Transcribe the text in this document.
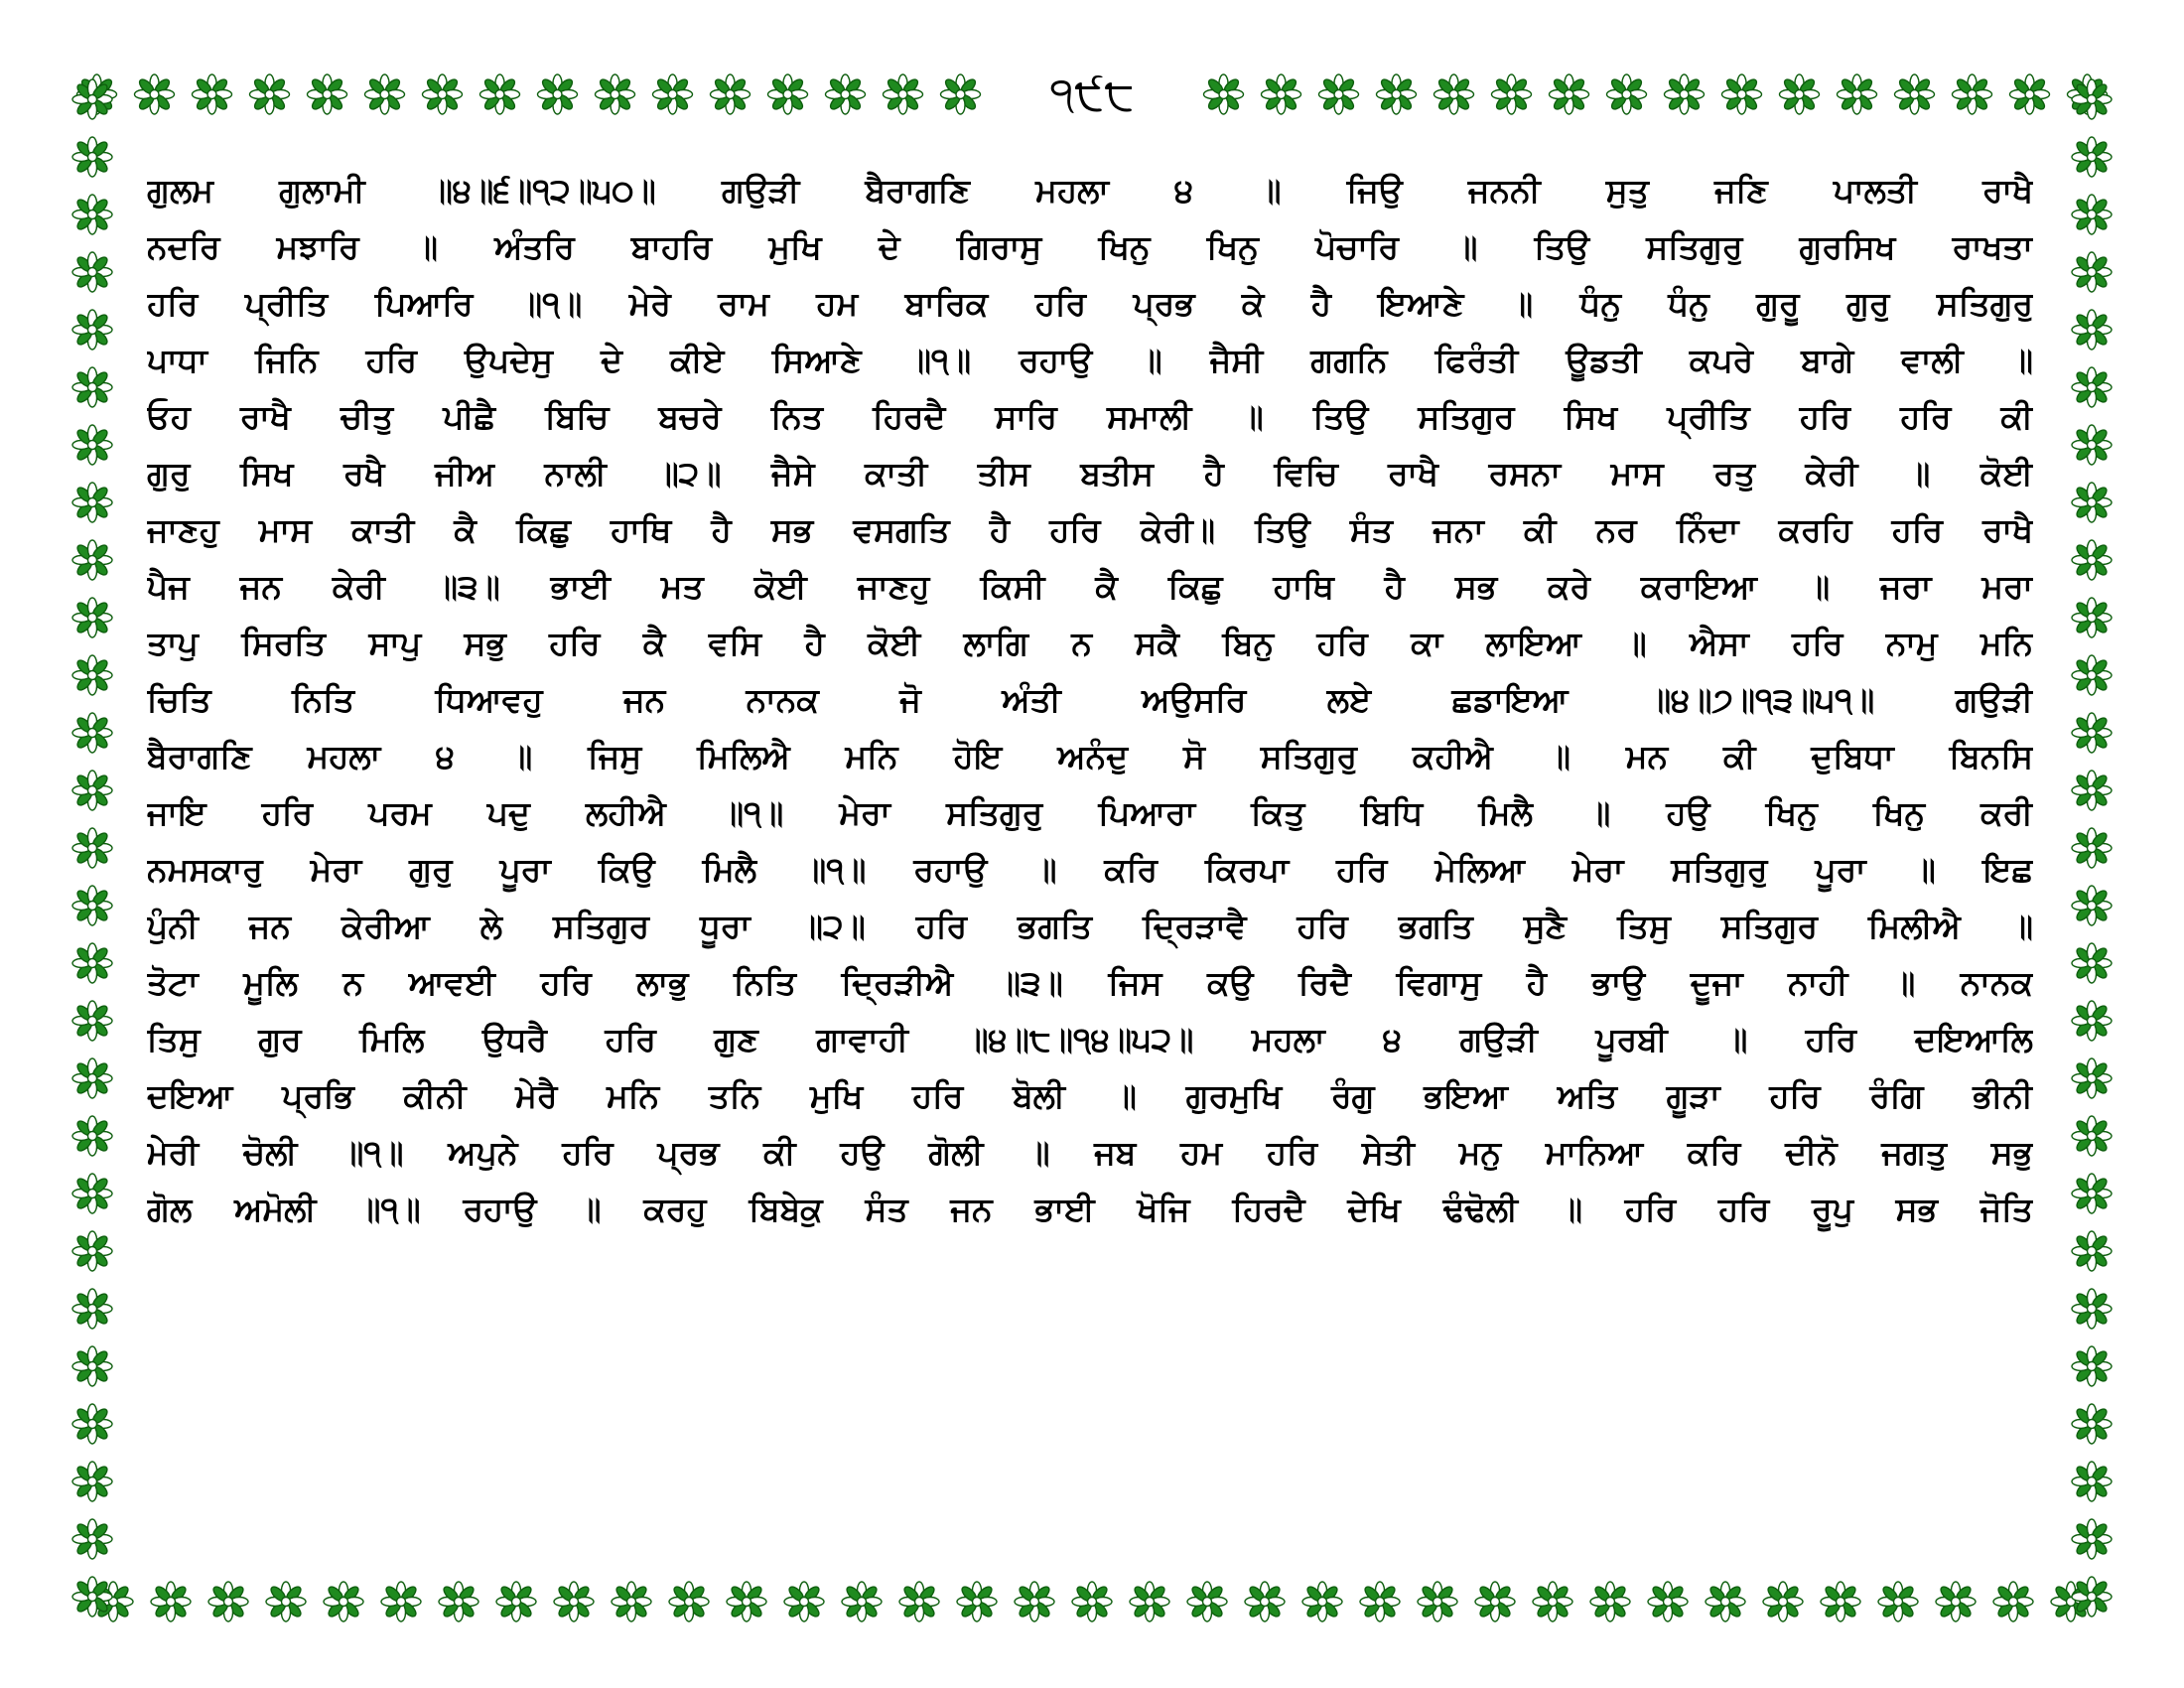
੧੯੮
ਗੁਲਮ ਗੁਲਾਮੀ ॥੪॥੬॥੧੨॥੫੦॥ ਗਉੜੀ ਬੈਰਾਗਣਿ ਮਹਲਾ ੪ ॥ ਜਿਉ ਜਨਨੀ ਸੁਤੁ ਜਣਿ ਪਾਲਤੀ ਰਾਖੈ
ਨਦਰਿ ਮਝਾਰਿ ॥ ਅੰਤਰਿ ਬਾਹਰਿ ਮੁਖਿ ਦੇ ਗਿਰਾਸੁ ਖਿਨੁ ਖਿਨੁ ਪੋਚਾਰਿ ॥ ਤਿਉ ਸਤਿਗੁਰੁ ਗੁਰਸਿਖ ਰਾਖਤਾ
ਹਰਿ ਪ੍ਰੀਤਿ ਪਿਆਰਿ ॥੧॥ ਮੇਰੇ ਰਾਮ ਹਮ ਬਾਰਿਕ ਹਰਿ ਪ੍ਰਭ ਕੇ ਹੈ ਇਆਣੇ ॥ ਧੰਨੁ ਧੰਨੁ ਗੁਰੂ ਗੁਰੁ ਸਤਿਗੁਰੁ
ਪਾਧਾ ਜਿਨਿ ਹਰਿ ਉਪਦੇਸੁ ਦੇ ਕੀਏ ਸਿਆਣੇ ॥੧॥ ਰਹਾਉ ॥ ਜੈਸੀ ਗਗਨਿ ਫਿਰੰਤੀ ਊਡਤੀ ਕਪਰੇ ਬਾਗੇ ਵਾਲੀ ॥
ਓਹ ਰਾਖੈ ਚੀਤੁ ਪੀਛੈ ਬਿਚਿ ਬਚਰੇ ਨਿਤ ਹਿਰਦੈ ਸਾਰਿ ਸਮਾਲੀ ॥ ਤਿਉ ਸਤਿਗੁਰ ਸਿਖ ਪ੍ਰੀਤਿ ਹਰਿ ਹਰਿ ਕੀ
ਗੁਰੁ ਸਿਖ ਰਖੈ ਜੀਅ ਨਾਲੀ ॥੨॥ ਜੈਸੇ ਕਾਤੀ ਤੀਸ ਬਤੀਸ ਹੈ ਵਿਚਿ ਰਾਖੈ ਰਸਨਾ ਮਾਸ ਰਤੁ ਕੇਰੀ ॥ ਕੋਈ
ਜਾਣਹੁ ਮਾਸ ਕਾਤੀ ਕੈ ਕਿਛੁ ਹਾਥਿ ਹੈ ਸਭ ਵਸਗਤਿ ਹੈ ਹਰਿ ਕੇਰੀ॥ ਤਿਉ ਸੰਤ ਜਨਾ ਕੀ ਨਰ ਨਿੰਦਾ ਕਰਹਿ ਹਰਿ ਰਾਖੈ
ਪੈਜ ਜਨ ਕੇਰੀ ॥੩॥ ਭਾਈ ਮਤ ਕੋਈ ਜਾਣਹੁ ਕਿਸੀ ਕੈ ਕਿਛੁ ਹਾਥਿ ਹੈ ਸਭ ਕਰੇ ਕਰਾਇਆ ॥ ਜਰਾ ਮਰਾ
ਤਾਪੁ ਸਿਰਤਿ ਸਾਪੁ ਸਭੁ ਹਰਿ ਕੈ ਵਸਿ ਹੈ ਕੋਈ ਲਾਗਿ ਨ ਸਕੈ ਬਿਨੁ ਹਰਿ ਕਾ ਲਾਇਆ ॥ ਐਸਾ ਹਰਿ ਨਾਮੁ ਮਨਿ
ਚਿਤਿ ਨਿਤਿ ਧਿਆਵਹੁ ਜਨ ਨਾਨਕ ਜੋ ਅੰਤੀ ਅਉਸਰਿ ਲਏ ਛਡਾਇਆ ॥੪॥੭॥੧੩॥੫੧॥ ਗਉੜੀ
ਬੈਰਾਗਣਿ ਮਹਲਾ ੪ ॥ ਜਿਸੁ ਮਿਲਿਐ ਮਨਿ ਹੋਇ ਅਨੰਦੁ ਸੋ ਸਤਿਗੁਰੁ ਕਹੀਐ ॥ ਮਨ ਕੀ ਦੁਬਿਧਾ ਬਿਨਸਿ
ਜਾਇ ਹਰਿ ਪਰਮ ਪਦੁ ਲਹੀਐ ॥੧॥ ਮੇਰਾ ਸਤਿਗੁਰੁ ਪਿਆਰਾ ਕਿਤੁ ਬਿਧਿ ਮਿਲੈ ॥ ਹਉ ਖਿਨੁ ਖਿਨੁ ਕਰੀ
ਨਮਸਕਾਰੁ ਮੇਰਾ ਗੁਰੁ ਪੂਰਾ ਕਿਉ ਮਿਲੈ ॥੧॥ ਰਹਾਉ ॥ ਕਰਿ ਕਿਰਪਾ ਹਰਿ ਮੇਲਿਆ ਮੇਰਾ ਸਤਿਗੁਰੁ ਪੂਰਾ ॥ ਇਛ
ਪੁੰਨੀ ਜਨ ਕੇਰੀਆ ਲੇ ਸਤਿਗੁਰ ਧੂਰਾ ॥੨॥ ਹਰਿ ਭਗਤਿ ਦ੍ਰਿੜਾਵੈ ਹਰਿ ਭਗਤਿ ਸੁਣੈ ਤਿਸੁ ਸਤਿਗੁਰ ਮਿਲੀਐ ॥
ਤੋਟਾ ਮੂਲਿ ਨ ਆਵਈ ਹਰਿ ਲਾਭੁ ਨਿਤਿ ਦ੍ਰਿੜੀਐ ॥੩॥ ਜਿਸ ਕਉ ਰਿਦੈ ਵਿਗਾਸੁ ਹੈ ਭਾਉ ਦੂਜਾ ਨਾਹੀ ॥ ਨਾਨਕ
ਤਿਸੁ ਗੁਰ ਮਿਲਿ ਉਧਰੈ ਹਰਿ ਗੁਣ ਗਾਵਾਹੀ ॥੪॥੮॥੧੪॥੫੨॥ ਮਹਲਾ ੪ ਗਉੜੀ ਪੂਰਬੀ ॥ ਹਰਿ ਦਇਆਲਿ
ਦਇਆ ਪ੍ਰਭਿ ਕੀਨੀ ਮੇਰੈ ਮਨਿ ਤਨਿ ਮੁਖਿ ਹਰਿ ਬੋਲੀ ॥ ਗੁਰਮੁਖਿ ਰੰਗੁ ਭਇਆ ਅਤਿ ਗੂੜਾ ਹਰਿ ਰੰਗਿ ਭੀਨੀ
ਮੇਰੀ ਚੋਲੀ ॥੧॥ ਅਪੁਨੇ ਹਰਿ ਪ੍ਰਭ ਕੀ ਹਉ ਗੋਲੀ ॥ ਜਬ ਹਮ ਹਰਿ ਸੇਤੀ ਮਨੁ ਮਾਨਿਆ ਕਰਿ ਦੀਨੋ ਜਗਤੁ ਸਭੁ
ਗੋਲ ਅਮੋਲੀ ॥੧॥ ਰਹਾਉ ॥ ਕਰਹੁ ਬਿਬੇਕੁ ਸੰਤ ਜਨ ਭਾਈ ਖੋਜਿ ਹਿਰਦੈ ਦੇਖਿ ਢੰਢੋਲੀ ॥ ਹਰਿ ਹਰਿ ਰੂਪੁ ਸਭ ਜੋਤਿ
